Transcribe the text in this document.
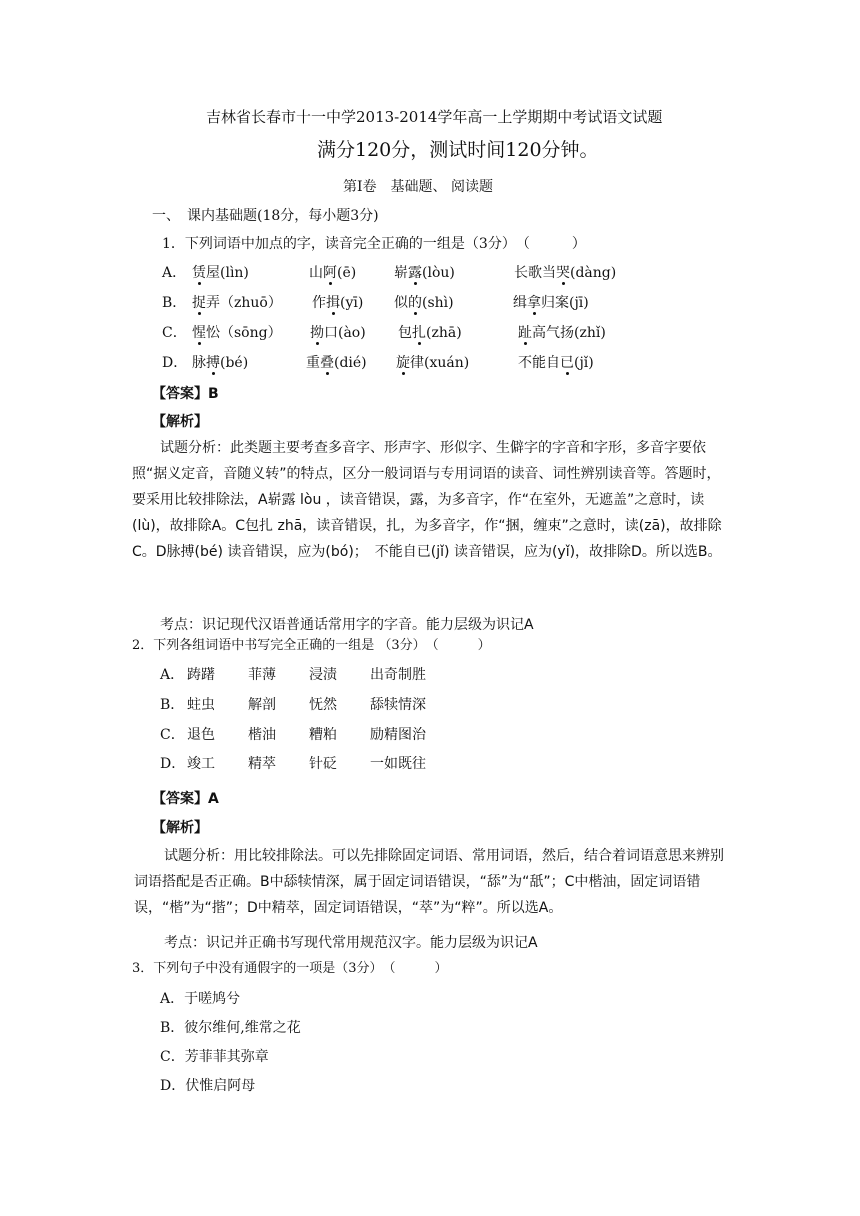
吉林省长春市十一中学2013-2014学年高一上学期期中考试语文试题
满分120分，测试时间120分钟。
第Ⅰ卷　基础题、 阅读题
一、　课内基础题(18分，每小题3分)
1．下列词语中加点的字，读音完全正确的一组是（3分）　（　　　）
A． 赁屋(lìn)	山阿(ē)	崭露(lòu)	长歌当哭(dàng)
B． 捉弄（zhuō） 作揖(yī) 似的(shì)	缉拿归案(jī)
C． 惺忪（sōng） 拗口(ào) 包扎(zhā)	趾高气扬(zhǐ)
D． 脉搏(bé)	重叠(dié) 旋律(xuán)	不能自已(jǐ)
【答案】B
【解析】
试题分析：此类题主要考查多音字、形声字、形似字、生僻字的字音和字形，多音字要依照“据义定音，音随义转”的特点，区分一般词语与专用词语的读音、词性辨别读音等。答题时，要采用比较排除法，A崭露 lòu ，读音错误，露，为多音字，作“在室外，无遮盖”之意时，读(lù)，故排除A。C包扎 zhā，读音错误，扎，为多音字，作“捆，缠束”之意时，读(zā)，故排除C。D脉搏(bé) 读音错误，应为(bó)；　不能自已(jǐ) 读音错误，应为(yǐ)，故排除D。所以选B。
考点：识记现代汉语普通话常用字的字音。能力层级为识记A
2．下列各组词语中书写完全正确的一组是 （3分）　（　　　）
A． 踌躇 菲薄 浸渍 出奇制胜
B． 蛀虫 解剖 怃然 舔犊情深
C． 退色 楷油 糟粕 励精图治
D． 竣工 精萃 针砭 一如既往
【答案】A
【解析】
试题分析：用比较排除法。可以先排除固定词语、常用词语，然后，结合着词语意思来辨别词语搭配是否正确。B中舔犊情深，属于固定词语错误，“舔”为“舐”；C中楷油，固定词语错误，“楷”为“揩”；D中精萃，固定词语错误，“萃”为“粹”。所以选A。
考点：识记并正确书写现代常用规范汉字。能力层级为识记A
3．下列句子中没有通假字的一项是（3分）　（　　　）
A．于嗟鸠兮
B．彼尔维何,维常之花
C．芳菲菲其弥章
D．伏惟启阿母
